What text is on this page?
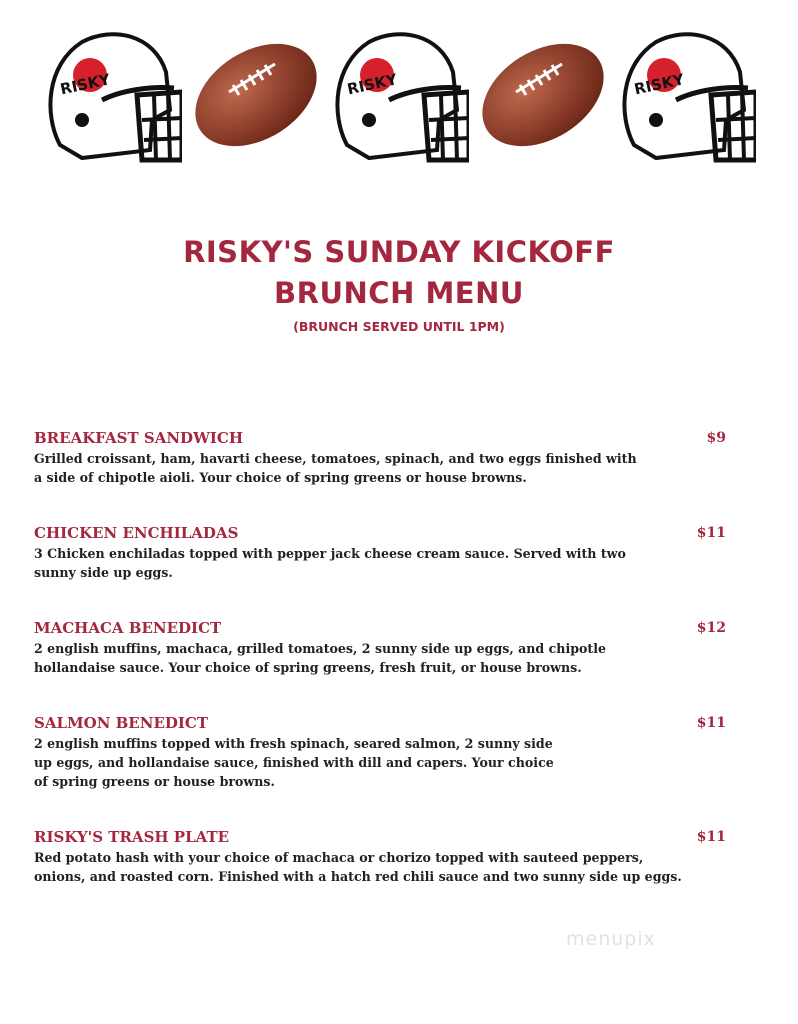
RISKY	RISKY	RISKY
RISKY'S SUNDAY KICKOFF
BRUNCH MENU
(BRUNCH SERVED UNTIL 1PM)
BREAKFAST SANDWICH	$9
Grilled croissant, ham, havarti cheese, tomatoes, spinach, and two eggs finished with
a side of chipotle aioli. Your choice of spring greens or house browns.
CHICKEN ENCHILADAS	$11
3 Chicken enchiladas topped with pepper jack cheese cream sauce. Served with two
sunny side up eggs.
MACHACA BENEDICT	$12
2 english muffins, machaca, grilled tomatoes, 2 sunny side up eggs, and chipotle
hollandaise sauce. Your choice of spring greens, fresh fruit, or house browns.
SALMON BENEDICT	$11
2 english muffins topped with fresh spinach, seared salmon, 2 sunny side
up eggs, and hollandaise sauce, finished with dill and capers. Your choice
of spring greens or house browns.
RISKY'S TRASH PLATE	$11
Red potato hash with your choice of machaca or chorizo topped with sauteed peppers,
onions, and roasted corn. Finished with a hatch red chili sauce and two sunny side up eggs.
menupix
